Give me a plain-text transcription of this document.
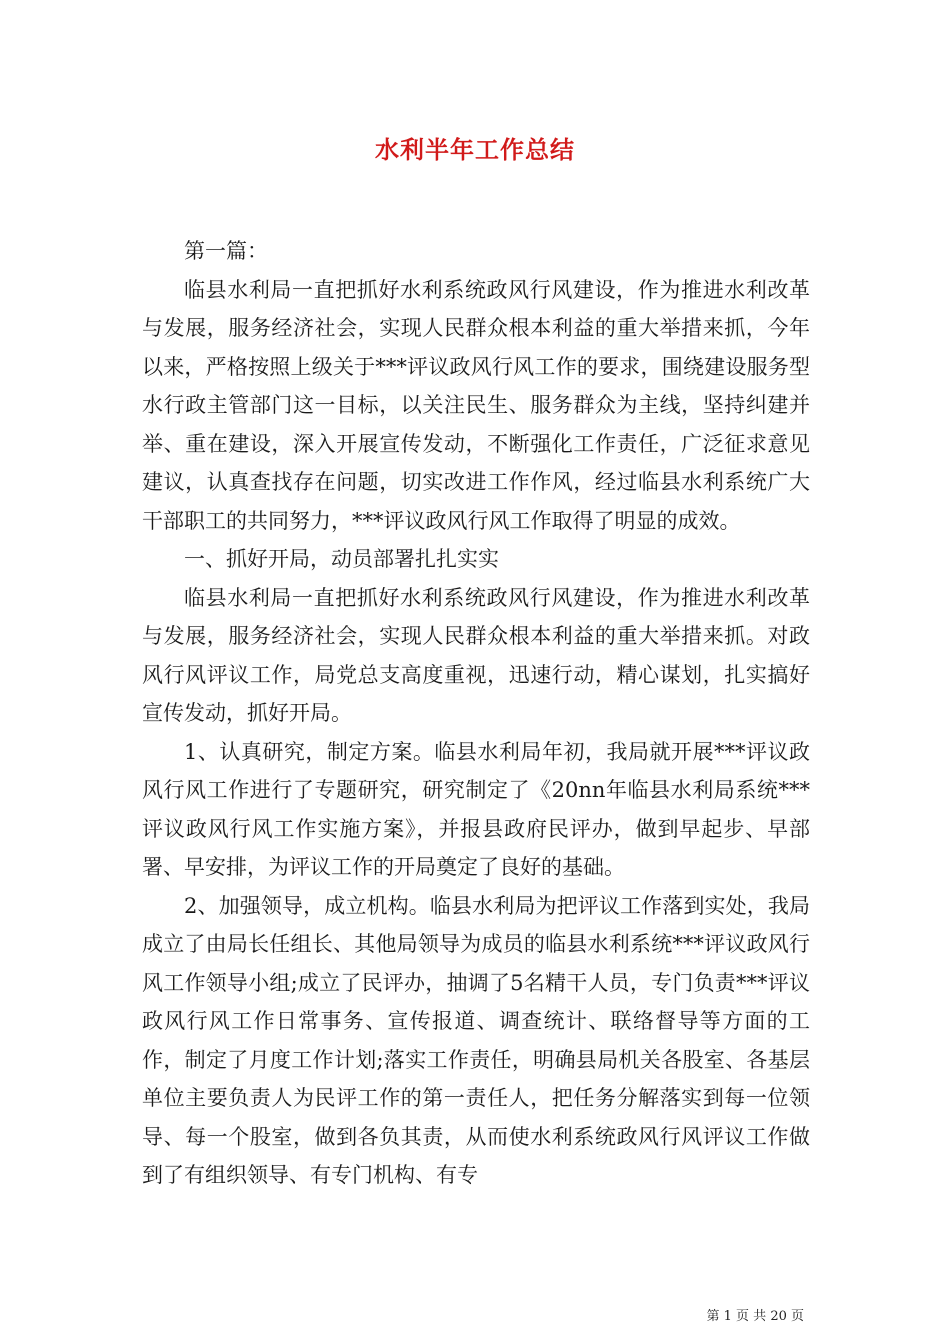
水利半年工作总结

第一篇：

临县水利局一直把抓好水利系统政风行风建设，作为推进水利改革与发展，服务经济社会，实现人民群众根本利益的重大举措来抓，今年以来，严格按照上级关于***评议政风行风工作的要求，围绕建设服务型水行政主管部门这一目标，以关注民生、服务群众为主线，坚持纠建并举、重在建设，深入开展宣传发动，不断强化工作责任，广泛征求意见建议，认真查找存在问题，切实改进工作作风，经过临县水利系统广大干部职工的共同努力，***评议政风行风工作取得了明显的成效。

一、抓好开局，动员部署扎扎实实

临县水利局一直把抓好水利系统政风行风建设，作为推进水利改革与发展，服务经济社会，实现人民群众根本利益的重大举措来抓。对政风行风评议工作，局党总支高度重视，迅速行动，精心谋划，扎实搞好宣传发动，抓好开局。

1、认真研究，制定方案。临县水利局年初，我局就开展***评议政风行风工作进行了专题研究，研究制定了《20nn年临县水利局系统***评议政风行风工作实施方案》，并报县政府民评办，做到早起步、早部署、早安排，为评议工作的开局奠定了良好的基础。

2、加强领导，成立机构。临县水利局为把评议工作落到实处，我局成立了由局长任组长、其他局领导为成员的临县水利系统***评议政风行风工作领导小组;成立了民评办，抽调了5名精干人员，专门负责***评议政风行风工作日常事务、宣传报道、调查统计、联络督导等方面的工作，制定了月度工作计划;落实工作责任，明确县局机关各股室、各基层单位主要负责人为民评工作的第一责任人，把任务分解落实到每一位领导、每一个股室，做到各负其责，从而使水利系统政风行风评议工作做到了有组织领导、有专门机构、有专

第 1 页 共 20 页
